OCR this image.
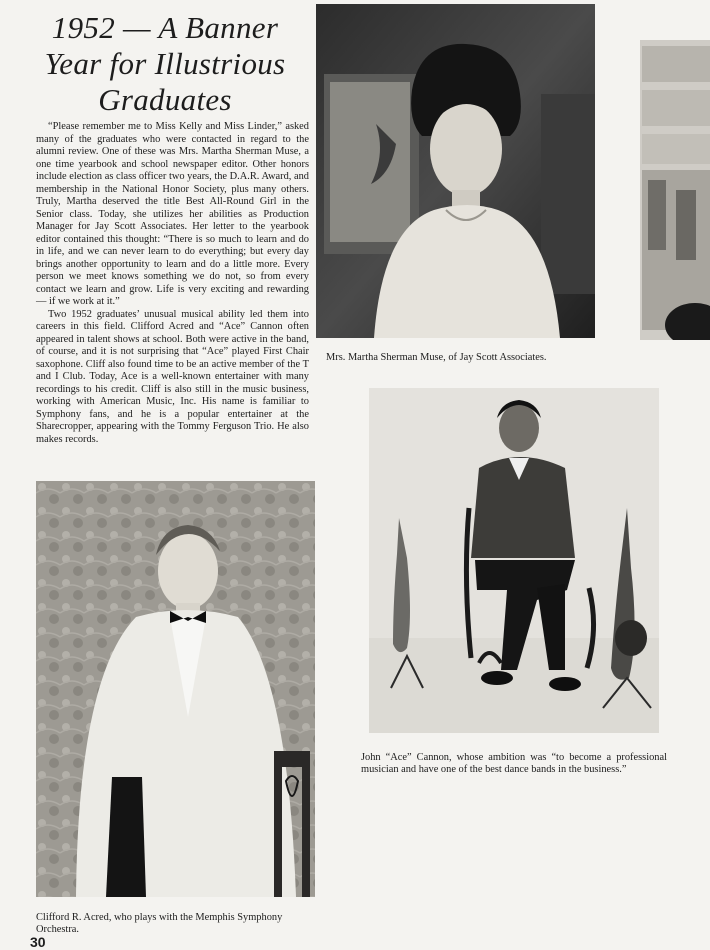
1952 — A Banner
Year for Illustrious
Graduates

“Please remember me to Miss Kelly and Miss Linder,” asked many of the graduates who were contacted in regard to the alumni review. One of these was Mrs. Martha Sherman Muse, a one time yearbook and school newspaper editor. Other honors include election as class officer two years, the D.A.R. Award, and membership in the National Honor Society, plus many others. Truly, Martha deserved the title Best All-Round Girl in the Senior class. Today, she utilizes her abilities as Production Manager for Jay Scott Associates. Her letter to the yearbook editor contained this thought: “There is so much to learn and do in life, and we can never learn to do everything; but every day brings another opportunity to learn and do a little more. Every person we meet knows something we do not, so from every contact we learn and grow. Life is very exciting and rewarding — if we work at it.”

Two 1952 graduates’ unusual musical ability led them into careers in this field. Clifford Acred and “Ace” Cannon often appeared in talent shows at school. Both were active in the band, of course, and it is not surprising that “Ace” played First Chair saxophone. Cliff also found time to be an active member of the T and I Club. Today, Ace is a well-known entertainer with many recordings to his credit. Cliff is also still in the music business, working with American Music, Inc. His name is familiar to Symphony fans, and he is a popular entertainer at the Sharecropper, appearing with the Tommy Ferguson Trio. He also makes records.

Mrs. Martha Sherman Muse, of Jay Scott Associates.

John “Ace” Cannon, whose ambition was “to become a professional musician and have one of the best dance bands in the business.”

Clifford R. Acred, who plays with the Memphis Symphony Orchestra.

30
